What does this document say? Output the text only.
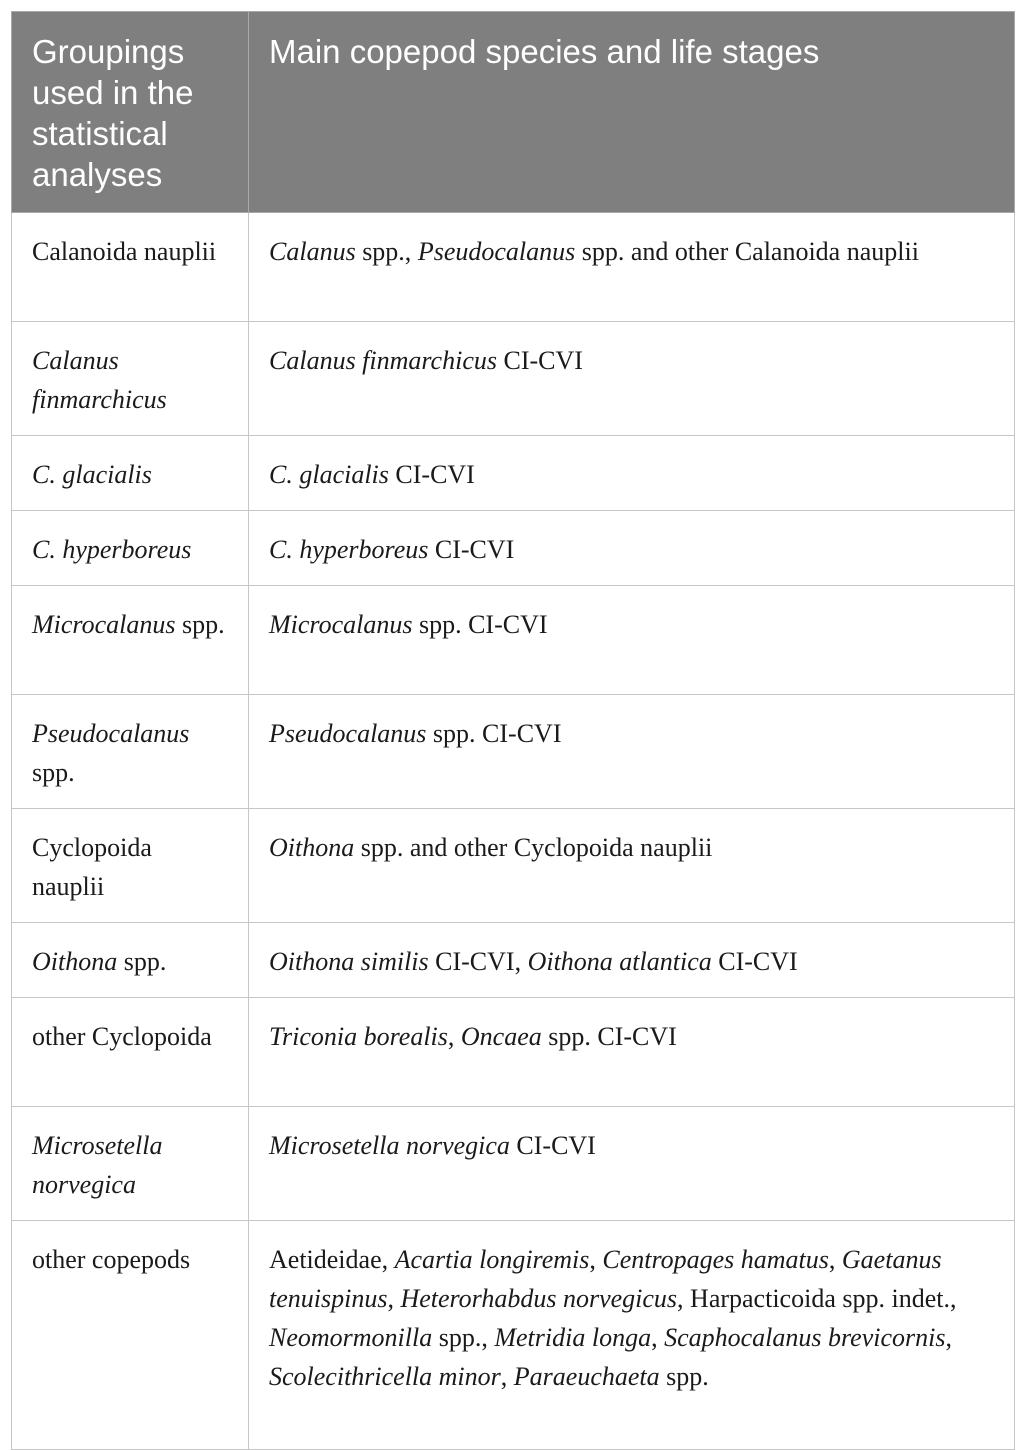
Groupings used in the statistical analyses	Main copepod species and life stages
Calanoida nauplii	Calanus spp., Pseudocalanus spp. and other Calanoida nauplii
Calanus finmarchicus	Calanus finmarchicus CI-CVI
C. glacialis	C. glacialis CI-CVI
C. hyperboreus	C. hyperboreus CI-CVI
Microcalanus spp.	Microcalanus spp. CI-CVI
Pseudocalanus spp.	Pseudocalanus spp. CI-CVI
Cyclopoida nauplii	Oithona spp. and other Cyclopoida nauplii
Oithona spp.	Oithona similis CI-CVI, Oithona atlantica CI-CVI
other Cyclopoida	Triconia borealis, Oncaea spp. CI-CVI
Microsetella norvegica	Microsetella norvegica CI-CVI
other copepods	Aetideidae, Acartia longiremis, Centropages hamatus, Gaetanus tenuispinus, Heterorhabdus norvegicus, Harpacticoida spp. indet., Neomormonilla spp., Metridia longa, Scaphocalanus brevicornis, Scolecithricella minor, Paraeuchaeta spp.
